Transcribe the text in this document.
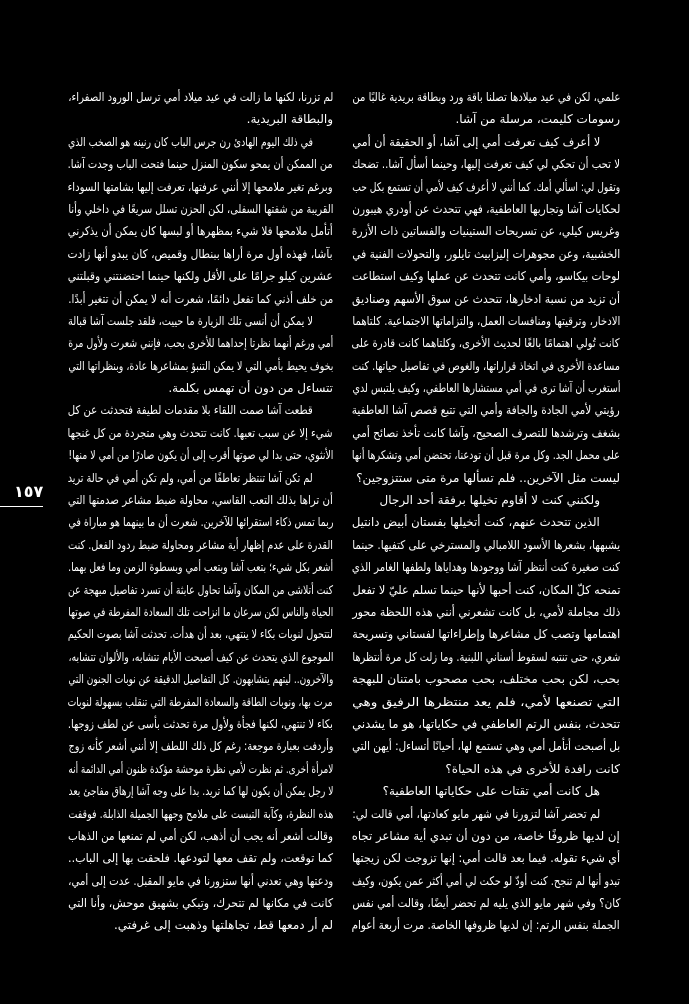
علمي، لكن في عيد ميلادها تصلنا باقة ورد وبطاقة بريدية غالبًا من
رسومات كليمت، مرسلة من آشا.
لا أعرف كيف تعرفت أمي إلى آشا، أو الحقيقة أن أمي
لا تحب أن تحكي لي كيف تعرفت إليها، وحينما أسأل آشا.. تضحك
وتقول لي: اسألي أمك. كما أنني لا أعرف كيف لأمي أن تستمع بكل حب
لحكايات آشا وتجاربها العاطفية، فهي تتحدث عن أودري هيبورن
وغريس كيلي، عن تسريحات الستينيات والفساتين ذات الأزرة
الخشبية، وعن مجوهرات إليزابيث تايلور، والتحولات الفنية في
لوحات بيكاسو، وأمي كانت تتحدث عن عملها وكيف استطاعت
أن تزيد من نسبة ادخارها، تتحدث عن سوق الأسهم وصناديق
الادخار، وترقيتها ومنافسات العمل، والتزاماتها الاجتماعية. كلتاهما
كانت تُولي اهتمامًا بالغًا لحديث الأخرى، وكلتاهما كانت قادرة على
مساعدة الأخرى في اتخاذ قراراتها، والغوص في تفاصيل حياتها. كنت
أستغرب أن آشا ترى في أمي مستشارها العاطفي، وكيف يلتبس لدي
رؤيتي لأمي الجادة والجافة وأمي التي تتبع قصص آشا العاطفية
بشغف وترشدها للتصرف الصحيح، وآشا كانت تأخذ نصائح أمي
على محمل الجد. وكل مرة قبل أن تودعنا، تحتضن أمي وتشكرها أنها
ليست مثل الآخرين.. فلم تسألها مرة متى ستتزوجين؟
ولكنني كنت لا أقاوم تخيلها برفقة أحد الرجال
الذين تتحدث عنهم، كنت أتخيلها بفستان أبيض دانتيل
يشبهها، بشعرها الأسود اللامبالي والمسترخي على كتفيها. حينما
كنت صغيرة كنت أنتظر آشا ووجودها وهداياها ولطفها الغامر الذي
تمنحه كلّ المكان، كنت أحبها لأنها حينما تسلم عليّ لا تفعل
ذلك مجاملة لأمي، بل كانت تشعرني أنني هذه اللحظة محور
اهتمامها وتصب كل مشاعرها وإطراءاتها لفستاني وتسريحة
شعري، حتى تنتبه لسقوط أسناني اللبنية. وما زلت كل مرة أنتظرها
بحب، لكن بحب مختلف، بحب مصحوب بامتنان للبهجة
التي تصنعها لأمي، فلم يعد منتظرها الرفيق وهي
تتحدث، بنفس الرتم العاطفي في حكاياتها، هو ما يشدني
بل أصبحت أتأمل أمي وهي تستمع لها، أحيانًا أتساءل: أيهن التي
كانت رافدة للأخرى في هذه الحياة؟
هل كانت أمي تقتات على حكاياتها العاطفية؟
لم تحضر آشا لتزورنا في شهر مايو كعادتها، أمي قالت لي:
إن لديها ظروفًا خاصة، من دون أن تبدي أية مشاعر تجاه
أي شيء تقوله. فيما بعد قالت أمي: إنها تزوجت لكن زيجتها
تبدو أنها لم تنجح. كنت أودّ لو حكت لي أمي أكثر عمن يكون، وكيف
كان؟ وفي شهر مايو الذي يليه لم تحضر أيضًا، وقالت أمي نفس
الجملة بنفس الرتم: إن لديها ظروفها الخاصة. مرت أربعة أعوام
لم تزرنا، لكنها ما زالت في عيد ميلاد أمي ترسل الورود الصفراء،
والبطاقة البريدية.
في ذلك اليوم الهادئ رن جرس الباب كان رنينه هو الصخب الذي
من الممكن أن يمحو سكون المنزل حينما فتحت الباب وجدت آشا.
وبرغم تغير ملامحها إلا أنني عرفتها، تعرفت إليها بشامتها السوداء
القريبة من شفتها السفلى، لكن الحزن تسلل سريعًا في داخلي وأنا
أتأمل ملامحها فلا شيء بمظهرها أو لبسها كان يمكن أن يذكرني
بآشا، فهذه أول مرة أراها ببنطال وقميص، كان يبدو أنها زادت
عشرين كيلو جرامًا على الأقل ولكنها حينما احتضنتني وقبلتني
من خلف أذني كما تفعل دائمًا، شعرت أنه لا يمكن أن تتغير أبدًا.
لا يمكن أن أنسى تلك الزيارة ما حييت، فلقد جلست آشا قبالة
أمي ورغم أنهما نظرتا إحداهما للأخرى بحب، فإنني شعرت ولأول مرة
بخوف يحيط بأمي التي لا يمكن التنبؤ بمشاعرها عادة، وبنظراتها التي
تتساءل من دون أن تهمس بكلمة.
قطعت آشا صمت اللقاء بلا مقدمات لطيفة فتحدثت عن كل
شيء إلا عن سبب تعبها. كانت تتحدث وهي متجردة من كل غنجها
الأنثوي، حتى بدا لي صوتها أقرب إلى أن يكون صادرًا من أمي لا منها!
لم تكن آشا تنتظر تعاطفًا من أمي، ولم تكن أمي في حالة تريد
أن تراها بذلك التعب القاسي، محاولة ضبط مشاعر صدمتها التي
ربما تمس ذكاء استقرائها للآخرين. شعرت أن ما بينهما هو مباراة في
القدرة على عدم إظهار أية مشاعر ومحاولة ضبط ردود الفعل. كنت
أشعر بكل شيء؛ بتعب آشا وبتعب أمي وبسطوة الزمن وما فعل بهما.
كنت أتلاشى من المكان وآشا تحاول عابثة أن تسرد تفاصيل مبهجة عن
الحياة والناس لكن سرعان ما انزاحت تلك السعادة المفرطة في صوتها
لتتحول لنوبات بكاء لا ينتهي، بعد أن هدأت. تحدثت آشا بصوت الحكيم
الموجوع الذي يتحدث عن كيف أصبحت الأيام تتشابه، والألوان تتشابه،
والآخرون.. ليتهم يتشابهون. كل التفاصيل الدقيقة عن نوبات الجنون التي
مرت بها، ونوبات الطاقة والسعادة المفرطة التي تنقلب بسهولة لنوبات
بكاء لا تنتهي، لكنها فجأة ولأول مرة تحدثت بأسى عن لطف زوجها.
وأردفت بعبارة موجعة: رغم كل ذلك اللطف إلا أنني أشعر كأنه زوج
لامرأة أخرى. ثم نظرت لأمي نظرة موحشة مؤكدة ظنون أمي الدائمة أنه
لا رجل يمكن أن يكون لها كما تريد. بدا على وجه آشا إرهاق مفاجئ بعد
هذه النظرة، وكآبة التبست على ملامح وجهها الجميلة الذابلة. فوقفت
وقالت أشعر أنه يجب أن أذهب، لكن أمي لم تمنعها من الذهاب
كما توقعت، ولم تقف معها لتودعها. فلحقت بها إلى الباب..
ودعتها وهي تعدني أنها ستزورنا في مايو المقبل. عدت إلى أمي،
كانت في مكانها لم تتحرك، وتبكي بشهيق موحش، وأنا التي
لم أر دمعها قط، تجاهلتها وذهبت إلى غرفتي.
١٥٧
